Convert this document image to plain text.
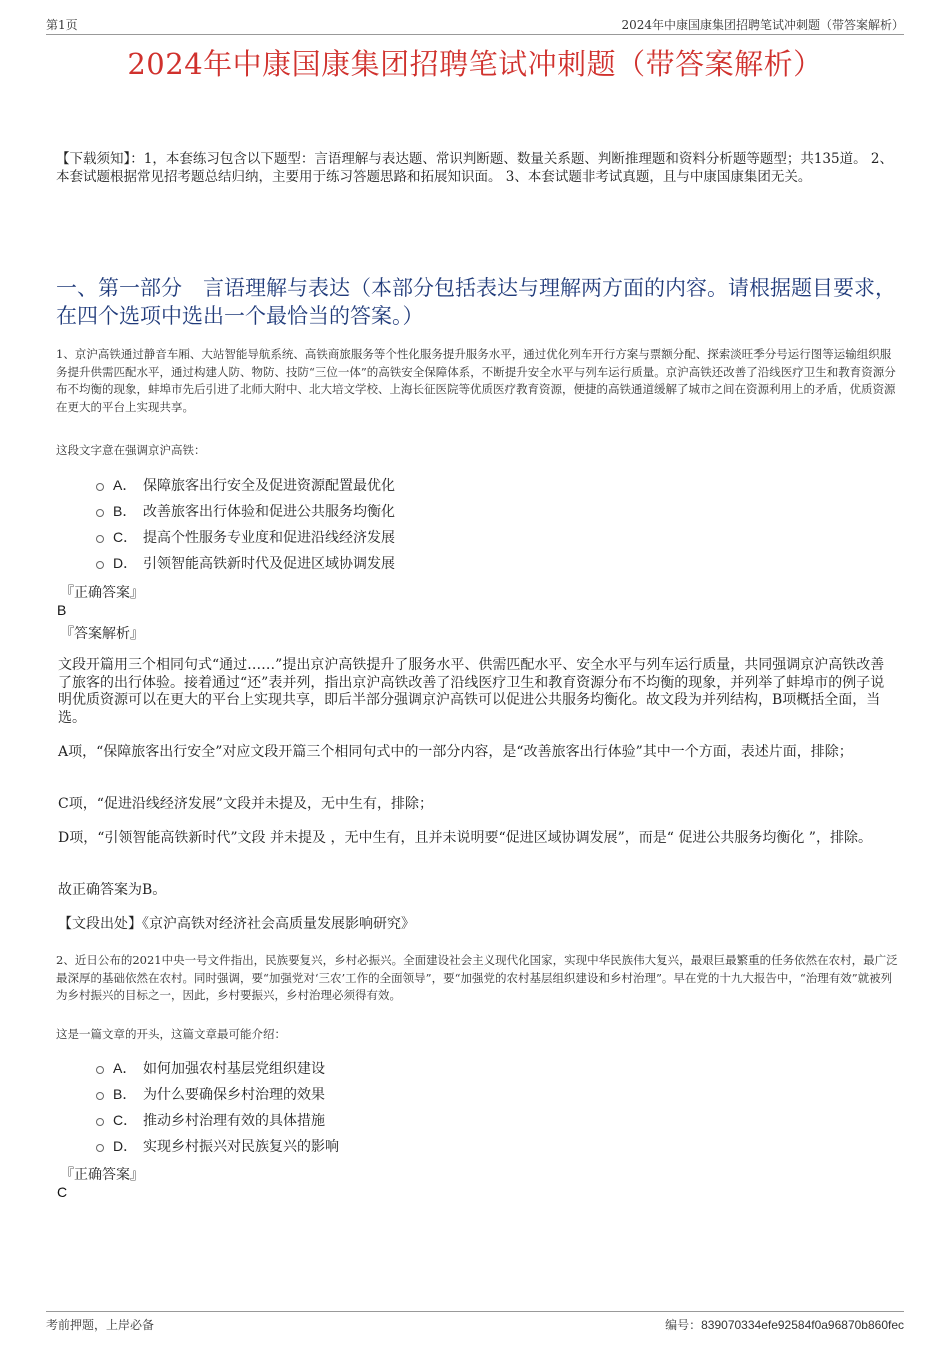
第1页	2024年中康国康集团招聘笔试冲刺题（带答案解析）
2024年中康国康集团招聘笔试冲刺题（带答案解析）
【下载须知】：1，本套练习包含以下题型：言语理解与表达题、常识判断题、数量关系题、判断推理题和资料分析题等题型；共135道。 2、本套试题根据常见招考题总结归纳，主要用于练习答题思路和拓展知识面。 3、本套试题非考试真题，且与中康国康集团无关。
一、第一部分　言语理解与表达（本部分包括表达与理解两方面的内容。请根据题目要求，在四个选项中选出一个最恰当的答案。）
1、京沪高铁通过静音车厢、大站智能导航系统、高铁商旅服务等个性化服务提升服务水平，通过优化列车开行方案与票额分配、探索淡旺季分号运行图等运输组织服务提升供需匹配水平，通过构建人防、物防、技防“三位一体”的高铁安全保障体系，不断提升安全水平与列车运行质量。京沪高铁还改善了沿线医疗卫生和教育资源分布不均衡的现象，蚌埠市先后引进了北师大附中、北大培文学校、上海长征医院等优质医疗教育资源，便捷的高铁通道缓解了城市之间在资源利用上的矛盾，优质资源在更大的平台上实现共享。
这段文字意在强调京沪高铁：
A． 保障旅客出行安全及促进资源配置最优化
B． 改善旅客出行体验和促进公共服务均衡化
C． 提高个性服务专业度和促进沿线经济发展
D． 引领智能高铁新时代及促进区域协调发展
『正确答案』
B
『答案解析』
文段开篇用三个相同句式“通过……”提出京沪高铁提升了服务水平、供需匹配水平、安全水平与列车运行质量，共同强调京沪高铁改善了旅客的出行体验。接着通过“还”表并列，指出京沪高铁改善了沿线医疗卫生和教育资源分布不均衡的现象，并列举了蚌埠市的例子说明优质资源可以在更大的平台上实现共享，即后半部分强调京沪高铁可以促进公共服务均衡化。故文段为并列结构，B项概括全面，当选。
A项，“保障旅客出行安全”对应文段开篇三个相同句式中的一部分内容，是“改善旅客出行体验”其中一个方面，表述片面，排除；
C项，“促进沿线经济发展”文段并未提及，无中生有，排除；
D项，“引领智能高铁新时代”文段 并未提及 ，无中生有，且并未说明要“促进区域协调发展”，而是“ 促进公共服务均衡化 ”，排除。
故正确答案为B。
【文段出处】《京沪高铁对经济社会高质量发展影响研究》
2、近日公布的2021中央一号文件指出，民族要复兴，乡村必振兴。全面建设社会主义现代化国家，实现中华民族伟大复兴，最艰巨最繁重的任务依然在农村，最广泛最深厚的基础依然在农村。同时强调，要“加强党对‘三农’工作的全面领导”，要“加强党的农村基层组织建设和乡村治理”。早在党的十九大报告中，“治理有效”就被列为乡村振兴的目标之一，因此，乡村要振兴，乡村治理必须得有效。
这是一篇文章的开头，这篇文章最可能介绍：
A． 如何加强农村基层党组织建设
B． 为什么要确保乡村治理的效果
C． 推动乡村治理有效的具体措施
D． 实现乡村振兴对民族复兴的影响
『正确答案』
C
考前押题，上岸必备	编号：839070334efe92584f0a96870b860fec
